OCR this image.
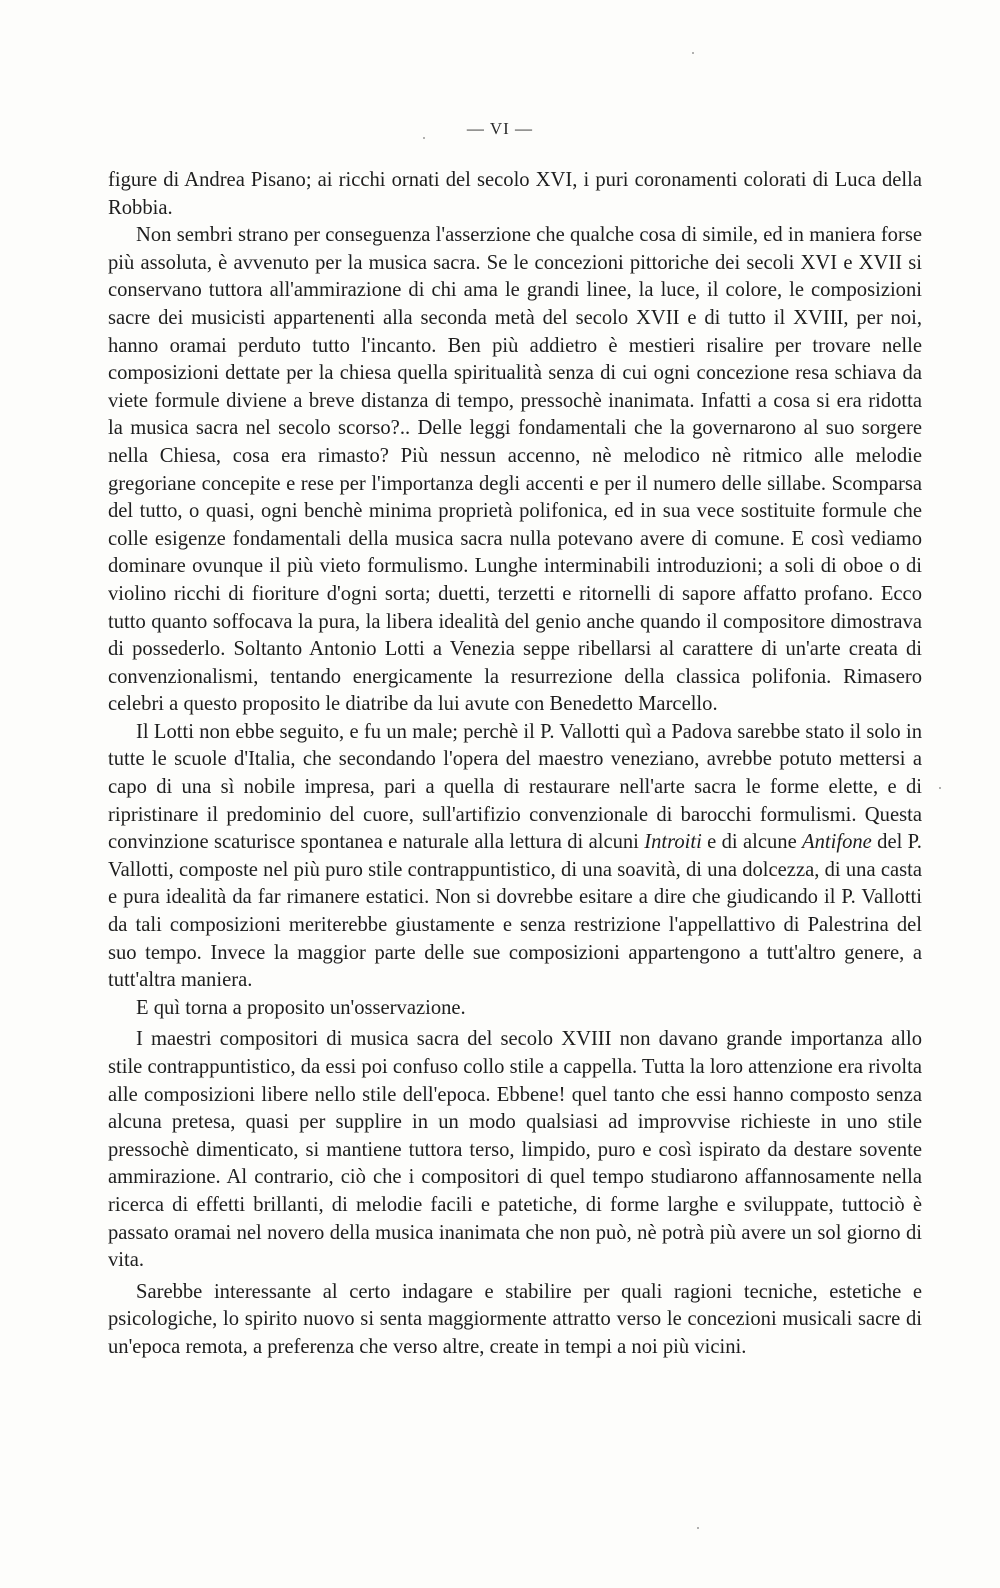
— VI —

figure di Andrea Pisano; ai ricchi ornati del secolo XVI, i puri coronamenti colorati di Luca della Robbia.

Non sembri strano per conseguenza l'asserzione che qualche cosa di simile, ed in maniera forse più assoluta, è avvenuto per la musica sacra. Se le concezioni pittoriche dei secoli XVI e XVII si conservano tuttora all'ammirazione di chi ama le grandi linee, la luce, il colore, le composizioni sacre dei musicisti appartenenti alla seconda metà del secolo XVII e di tutto il XVIII, per noi, hanno oramai perduto tutto l'incanto. Ben più addietro è mestieri risalire per trovare nelle composizioni dettate per la chiesa quella spiritualità senza di cui ogni concezione resa schiava da viete formule diviene a breve distanza di tempo, pressochè inanimata. Infatti a cosa si era ridotta la musica sacra nel secolo scorso?.. Delle leggi fondamentali che la governarono al suo sorgere nella Chiesa, cosa era rimasto? Più nessun accenno, nè melodico nè ritmico alle melodie gregoriane concepite e rese per l'importanza degli accenti e per il numero delle sillabe. Scomparsa del tutto, o quasi, ogni benchè minima proprietà polifonica, ed in sua vece sostituite formule che colle esigenze fondamentali della musica sacra nulla potevano avere di comune. E così vediamo dominare ovunque il più vieto formulismo. Lunghe interminabili introduzioni; a soli di oboe o di violino ricchi di fioriture d'ogni sorta; duetti, terzetti e ritornelli di sapore affatto profano. Ecco tutto quanto soffocava la pura, la libera idealità del genio anche quando il compositore dimostrava di possederlo. Soltanto Antonio Lotti a Venezia seppe ribellarsi al carattere di un'arte creata di convenzionalismi, tentando energicamente la resurrezione della classica polifonia. Rimasero celebri a questo proposito le diatribe da lui avute con Benedetto Marcello.

Il Lotti non ebbe seguito, e fu un male; perchè il P. Vallotti quì a Padova sarebbe stato il solo in tutte le scuole d'Italia, che secondando l'opera del maestro veneziano, avrebbe potuto mettersi a capo di una sì nobile impresa, pari a quella di restaurare nell'arte sacra le forme elette, e di ripristinare il predominio del cuore, sull'artifizio convenzionale di barocchi formulismi. Questa convinzione scaturisce spontanea e naturale alla lettura di alcuni Introiti e di alcune Antifone del P. Vallotti, composte nel più puro stile contrappuntistico, di una soavità, di una dolcezza, di una casta e pura idealità da far rimanere estatici. Non si dovrebbe esitare a dire che giudicando il P. Vallotti da tali composizioni meriterebbe giustamente e senza restrizione l'appellattivo di Palestrina del suo tempo. Invece la maggior parte delle sue composizioni appartengono a tutt'altro genere, a tutt'altra maniera.

E quì torna a proposito un'osservazione.

I maestri compositori di musica sacra del secolo XVIII non davano grande importanza allo stile contrappuntistico, da essi poi confuso collo stile a cappella. Tutta la loro attenzione era rivolta alle composizioni libere nello stile dell'epoca. Ebbene! quel tanto che essi hanno composto senza alcuna pretesa, quasi per supplire in un modo qualsiasi ad improvvise richieste in uno stile pressochè dimenticato, si mantiene tuttora terso, limpido, puro e così ispirato da destare sovente ammirazione. Al contrario, ciò che i compositori di quel tempo studiarono affannosamente nella ricerca di effetti brillanti, di melodie facili e patetiche, di forme larghe e sviluppate, tuttociò è passato oramai nel novero della musica inanimata che non può, nè potrà più avere un sol giorno di vita.

Sarebbe interessante al certo indagare e stabilire per quali ragioni tecniche, estetiche e psicologiche, lo spirito nuovo si senta maggiormente attratto verso le concezioni musicali sacre di un'epoca remota, a preferenza che verso altre, create in tempi a noi più vicini.
